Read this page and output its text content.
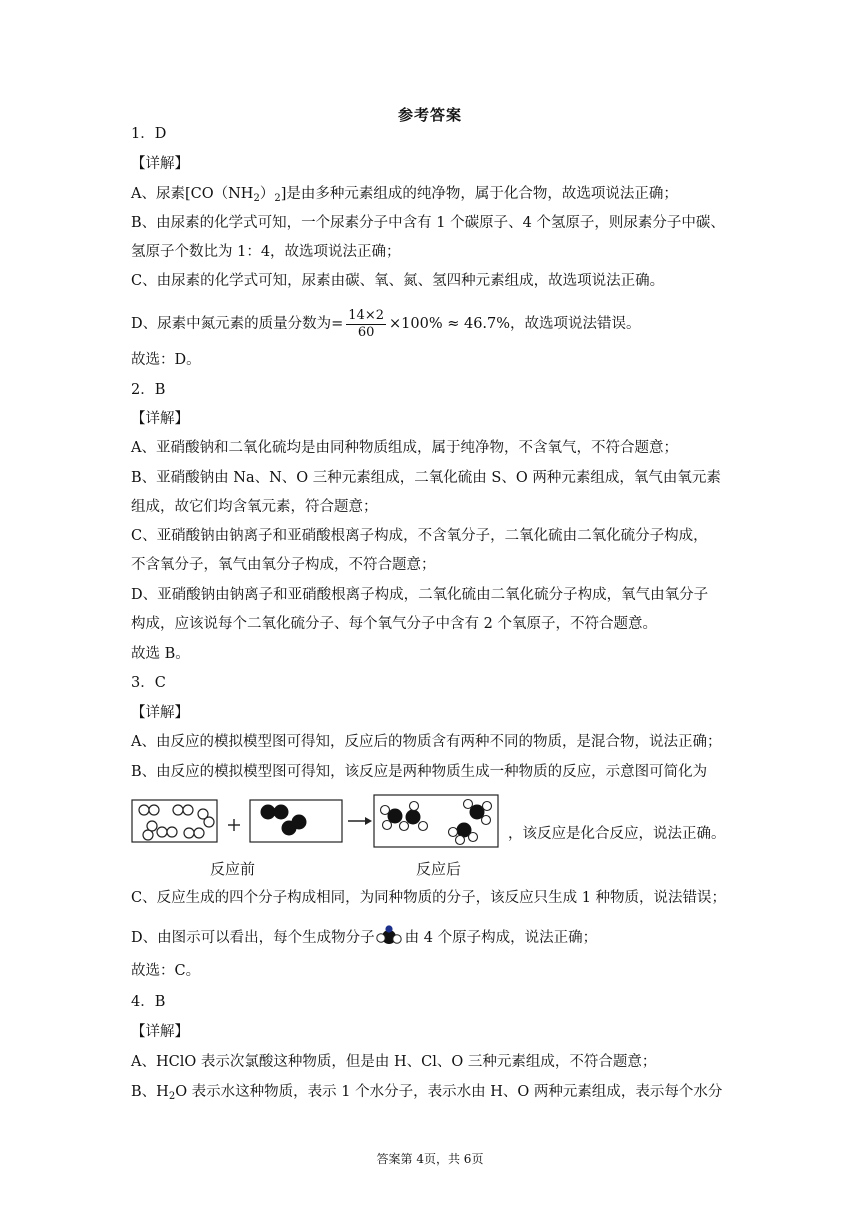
参考答案
1．D
【详解】
A、尿素$[CO(NH_2)_2]$是由多种元素组成的纯净物，属于化合物，故选项说法正确；
B、由尿素的化学式可知，一个尿素分子中含有 1 个碳原子、4 个氢原子，则尿素分子中碳、
氢原子个数比为 1：4，故选项说法正确；
C、由尿素的化学式可知，尿素由碳、氧、氮、氢四种元素组成，故选项说法正确。
D、尿素中氮元素的质量分数为= $\frac{14\times 2}{60} \times 100\% \approx 46.7\%$，故选项说法错误。
故选：D。
2．B
【详解】
A、亚硝酸钠和二氧化硫均是由同种物质组成，属于纯净物，不含氧气，不符合题意；
B、亚硝酸钠由 Na、N、O 三种元素组成，二氧化硫由 S、O 两种元素组成，氧气由氧元素
组成，故它们均含氧元素，符合题意；
C、亚硝酸钠由钠离子和亚硝酸根离子构成，不含氧分子，二氧化硫由二氧化硫分子构成，
不含氧分子，氧气由氧分子构成，不符合题意；
D、亚硝酸钠由钠离子和亚硝酸根离子构成，二氧化硫由二氧化硫分子构成，氧气由氧分子
构成，应该说每个二氧化硫分子、每个氧气分子中含有 2 个氧原子，不符合题意。
故选 B。
3．C
【详解】
A、由反应的模拟模型图可得知，反应后的物质含有两种不同的物质，是混合物，说法正确；
B、由反应的模拟模型图可得知，该反应是两种物质生成一种物质的反应，示意图可简化为
反应前	反应后
，该反应是化合反应，说法正确。
C、反应生成的四个分子构成相同，为同种物质的分子，该反应只生成 1 种物质，说法错误；
D、由图示可以看出，每个生成物分子 由 4 个原子构成，说法正确；
故选：C。
4．B
【详解】
A、HClO 表示次氯酸这种物质，但是由 H、Cl、O 三种元素组成，不符合题意；
B、$H_2O$ 表示水这种物质，表示 1 个水分子，表示水由 H、O 两种元素组成，表示每个水分
答案第 4页，共 6页
